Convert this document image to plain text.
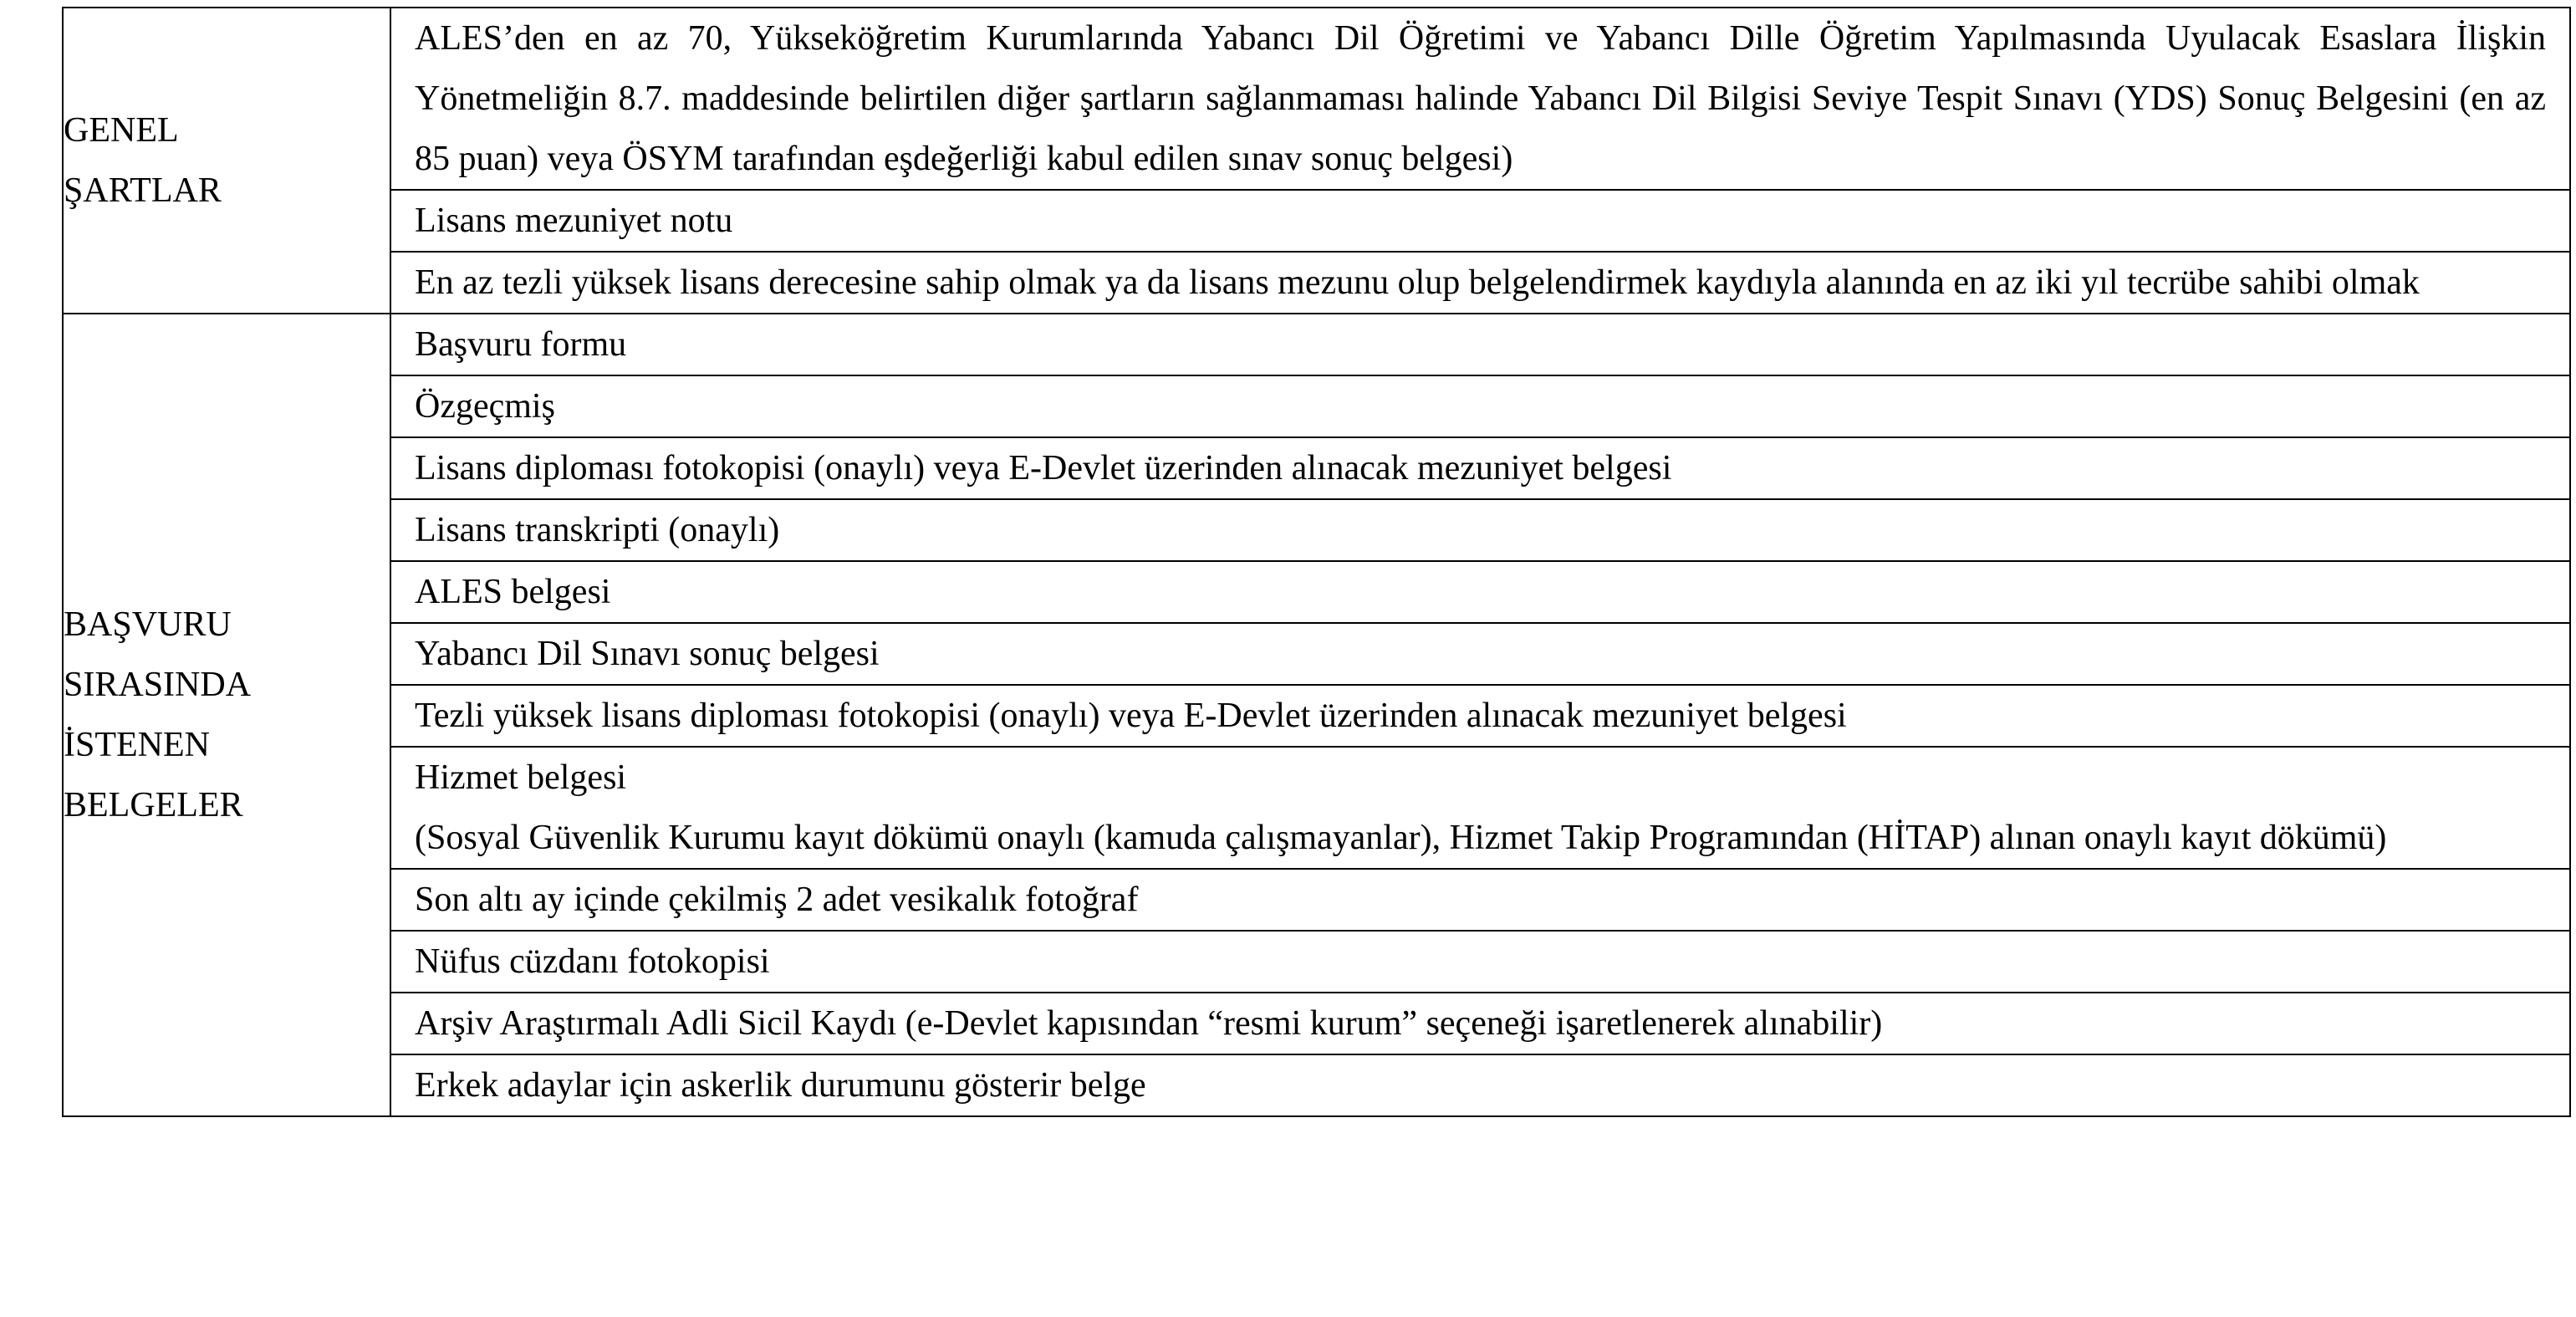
GENEL
ŞARTLAR	ALES’den en az 70, Yükseköğretim Kurumlarında Yabancı Dil Öğretimi ve Yabancı Dille Öğretim Yapılmasında Uyulacak Esaslara İlişkin Yönetmeliğin 8.7. maddesinde belirtilen diğer şartların sağlanmaması halinde Yabancı Dil Bilgisi Seviye Tespit Sınavı (YDS) Sonuç Belgesini (en az 85 puan) veya ÖSYM tarafından eşdeğerliği kabul edilen sınav sonuç belgesi)

	Lisans mezuniyet notu

	En az tezli yüksek lisans derecesine sahip olmak ya da lisans mezunu olup belgelendirmek kaydıyla alanında en az iki yıl tecrübe sahibi olmak

BAŞVURU
SIRASINDA
İSTENEN
BELGELER	Başvuru formu

	Özgeçmiş

	Lisans diploması fotokopisi (onaylı) veya E-Devlet üzerinden alınacak mezuniyet belgesi

	Lisans transkripti (onaylı)

	ALES belgesi

	Yabancı Dil Sınavı sonuç belgesi

	Tezli yüksek lisans diploması fotokopisi (onaylı) veya E-Devlet üzerinden alınacak mezuniyet belgesi

	Hizmet belgesi
(Sosyal Güvenlik Kurumu kayıt dökümü onaylı (kamuda çalışmayanlar), Hizmet Takip Programından (HİTAP) alınan onaylı kayıt dökümü)

	Son altı ay içinde çekilmiş 2 adet vesikalık fotoğraf

	Nüfus cüzdanı fotokopisi

	Arşiv Araştırmalı Adli Sicil Kaydı (e-Devlet kapısından “resmi kurum” seçeneği işaretlenerek alınabilir)

	Erkek adaylar için askerlik durumunu gösterir belge
